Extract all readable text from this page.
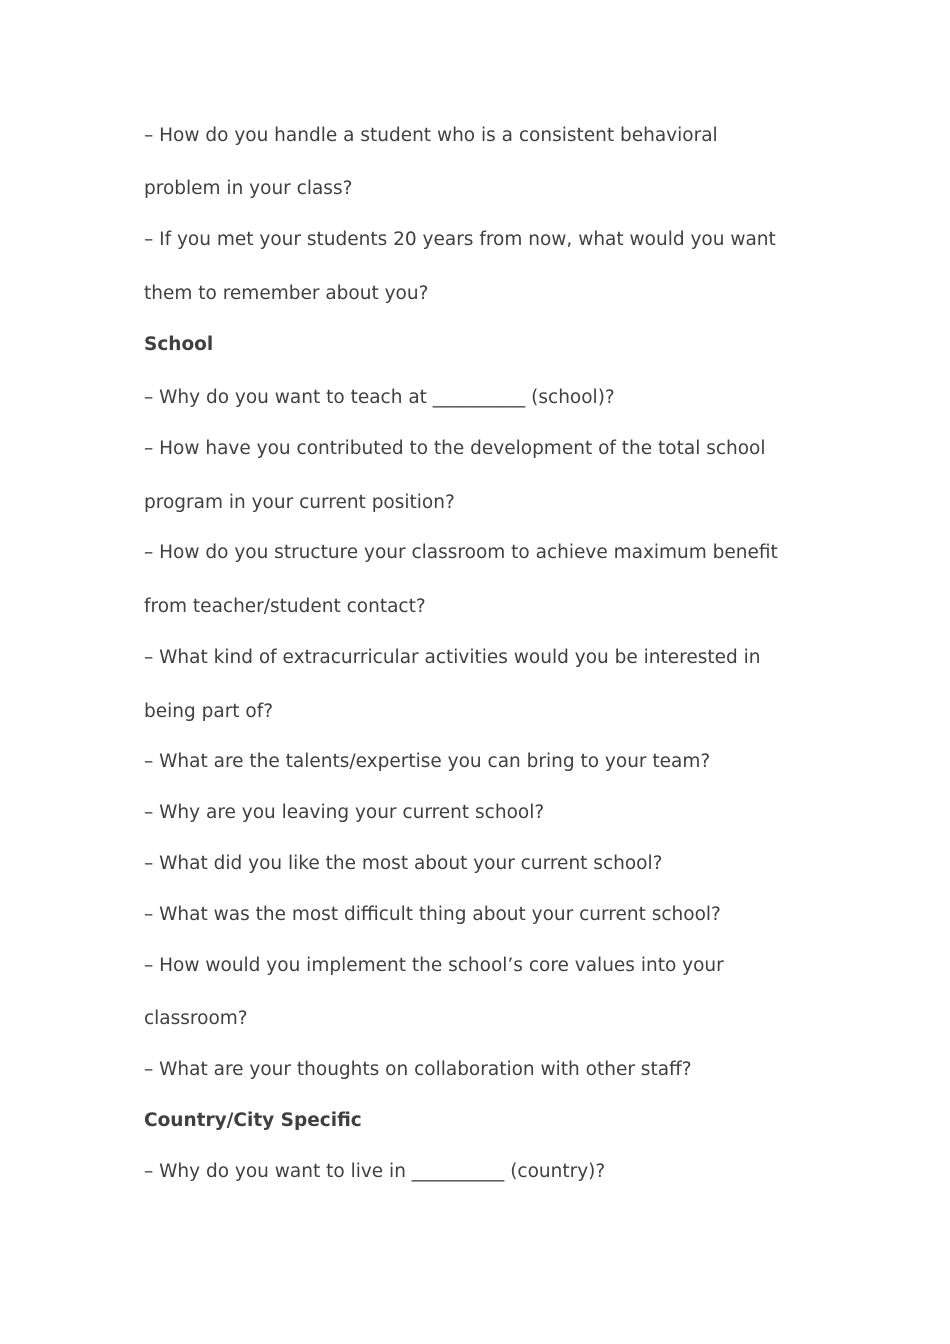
– How do you handle a student who is a consistent behavioral

problem in your class?

– If you met your students 20 years from now, what would you want

them to remember about you?

School

– Why do you want to teach at __________ (school)?

– How have you contributed to the development of the total school

program in your current position?

– How do you structure your classroom to achieve maximum benefit

from teacher/student contact?

– What kind of extracurricular activities would you be interested in

being part of?

– What are the talents/expertise you can bring to your team?

– Why are you leaving your current school?

– What did you like the most about your current school?

– What was the most difficult thing about your current school?

– How would you implement the school’s core values into your

classroom?

– What are your thoughts on collaboration with other staff?

Country/City Specific

– Why do you want to live in __________ (country)?
